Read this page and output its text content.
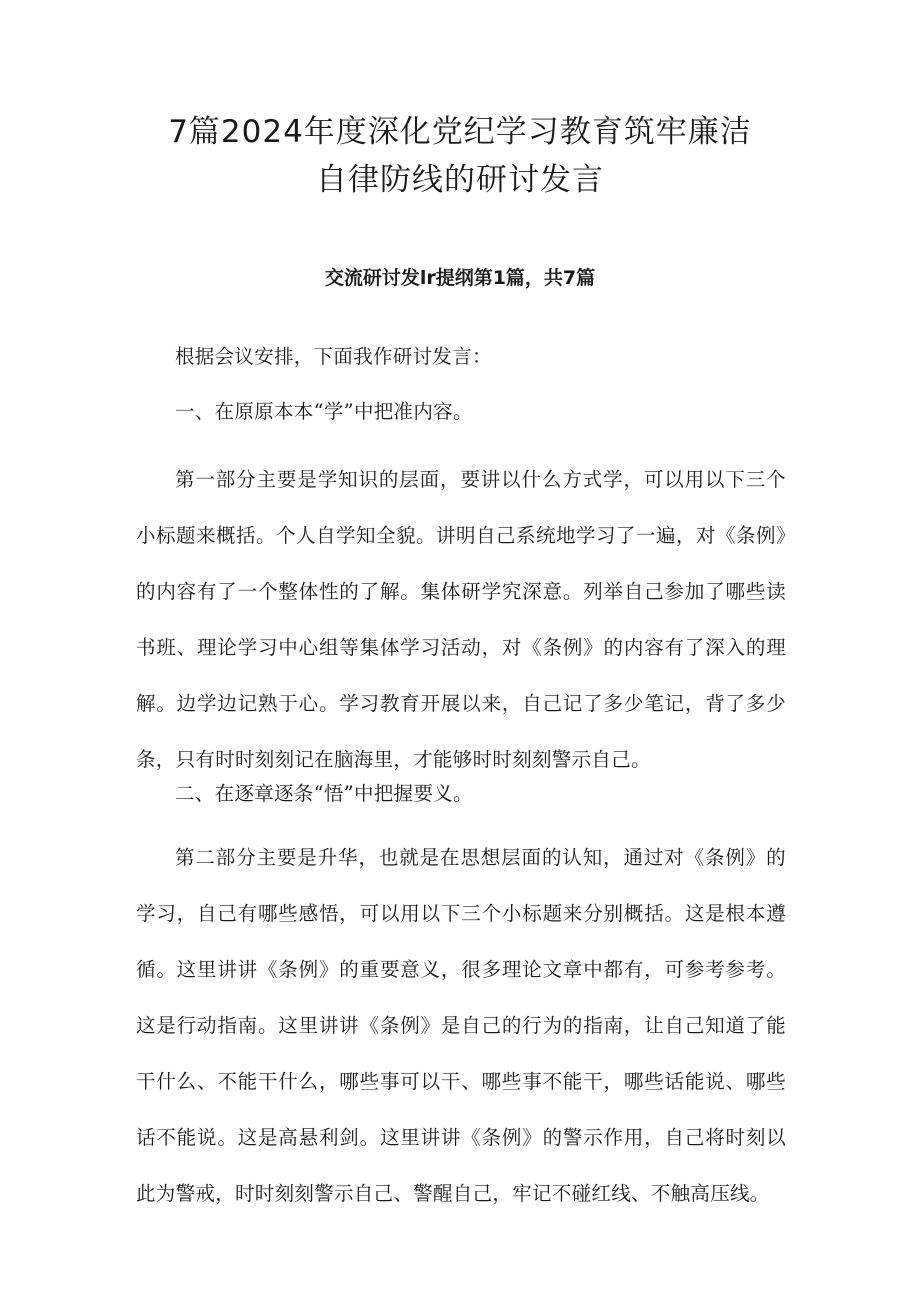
7篇2024年度深化党纪学习教育筑牢廉洁
自律防线的研讨发言

交流研讨发lr提纲第1篇，共7篇

根据会议安排，下面我作研讨发言：

一、在原原本本“学”中把准内容。

第一部分主要是学知识的层面，要讲以什么方式学，可以用以下三个小标题来概括。个人自学知全貌。讲明自己系统地学习了一遍，对《条例》的内容有了一个整体性的了解。集体研学究深意。列举自己参加了哪些读书班、理论学习中心组等集体学习活动，对《条例》的内容有了深入的理解。边学边记熟于心。学习教育开展以来，自己记了多少笔记，背了多少条，只有时时刻刻记在脑海里，才能够时时刻刻警示自己。

二、在逐章逐条“悟”中把握要义。

第二部分主要是升华，也就是在思想层面的认知，通过对《条例》的学习，自己有哪些感悟，可以用以下三个小标题来分别概括。这是根本遵循。这里讲讲《条例》的重要意义，很多理论文章中都有，可参考参考。这是行动指南。这里讲讲《条例》是自己的行为的指南，让自己知道了能干什么、不能干什么，哪些事可以干、哪些事不能干，哪些话能说、哪些话不能说。这是高悬利剑。这里讲讲《条例》的警示作用，自己将时刻以此为警戒，时时刻刻警示自己、警醒自己，牢记不碰红线、不触高压线。
